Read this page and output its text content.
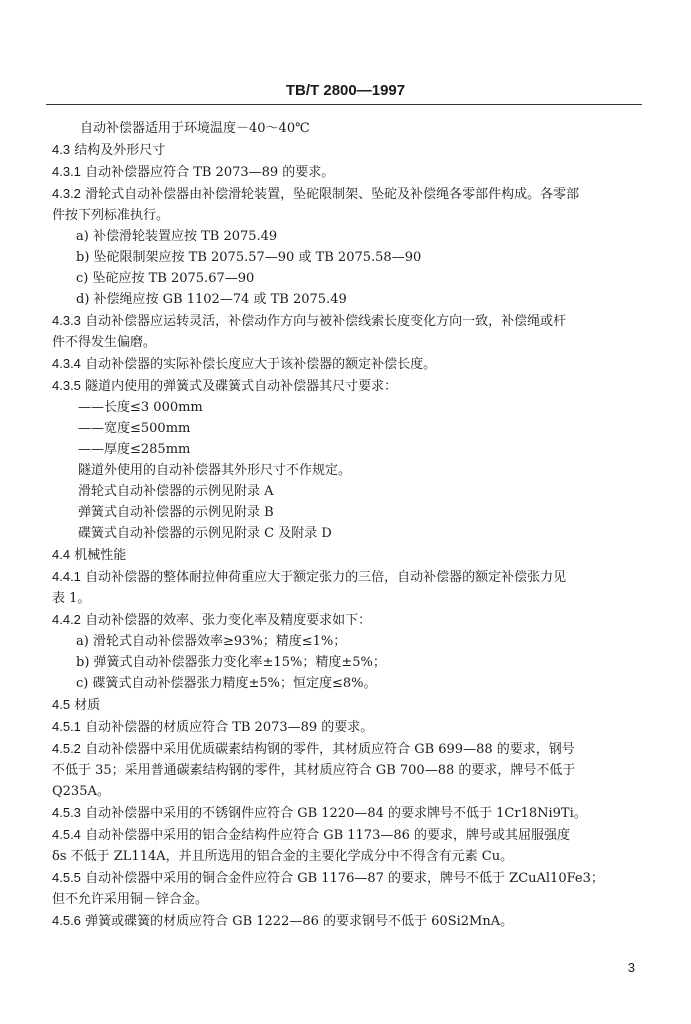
TB/T 2800—1997
自动补偿器适用于环境温度－40～40℃
4.3 结构及外形尺寸
4.3.1 自动补偿器应符合 TB 2073—89 的要求。
4.3.2 滑轮式自动补偿器由补偿滑轮装置，坠砣限制架、坠砣及补偿绳各零部件构成。各零部
件按下列标准执行。
a) 补偿滑轮装置应按 TB 2075.49
b) 坠砣限制架应按 TB 2075.57—90 或 TB 2075.58—90
c) 坠砣应按 TB 2075.67—90
d) 补偿绳应按 GB 1102—74 或 TB 2075.49
4.3.3 自动补偿器应运转灵活，补偿动作方向与被补偿线索长度变化方向一致，补偿绳或杆
件不得发生偏磨。
4.3.4 自动补偿器的实际补偿长度应大于该补偿器的额定补偿长度。
4.3.5 隧道内使用的弹簧式及碟簧式自动补偿器其尺寸要求：
——长度≤3 000mm
——宽度≤500mm
——厚度≤285mm
隧道外使用的自动补偿器其外形尺寸不作规定。
滑轮式自动补偿器的示例见附录 A
弹簧式自动补偿器的示例见附录 B
碟簧式自动补偿器的示例见附录 C 及附录 D
4.4 机械性能
4.4.1 自动补偿器的整体耐拉伸荷重应大于额定张力的三倍，自动补偿器的额定补偿张力见
表 1。
4.4.2 自动补偿器的效率、张力变化率及精度要求如下：
a) 滑轮式自动补偿器效率≥93%；精度≤1%；
b) 弹簧式自动补偿器张力变化率±15%；精度±5%；
c) 碟簧式自动补偿器张力精度±5%；恒定度≤8%。
4.5 材质
4.5.1 自动补偿器的材质应符合 TB 2073—89 的要求。
4.5.2 自动补偿器中采用优质碳素结构钢的零件，其材质应符合 GB 699—88 的要求，钢号
不低于 35；采用普通碳素结构钢的零件，其材质应符合 GB 700—88 的要求，牌号不低于
Q235A。
4.5.3 自动补偿器中采用的不锈钢件应符合 GB 1220—84 的要求牌号不低于 1Cr18Ni9Ti。
4.5.4 自动补偿器中采用的铝合金结构件应符合 GB 1173—86 的要求，牌号或其屈服强度
δs 不低于 ZL114A，并且所选用的铝合金的主要化学成分中不得含有元素 Cu。
4.5.5 自动补偿器中采用的铜合金件应符合 GB 1176—87 的要求，牌号不低于 ZCuAl10Fe3；
但不允许采用铜－锌合金。
4.5.6 弹簧或碟簧的材质应符合 GB 1222—86 的要求钢号不低于 60Si2MnA。
3
